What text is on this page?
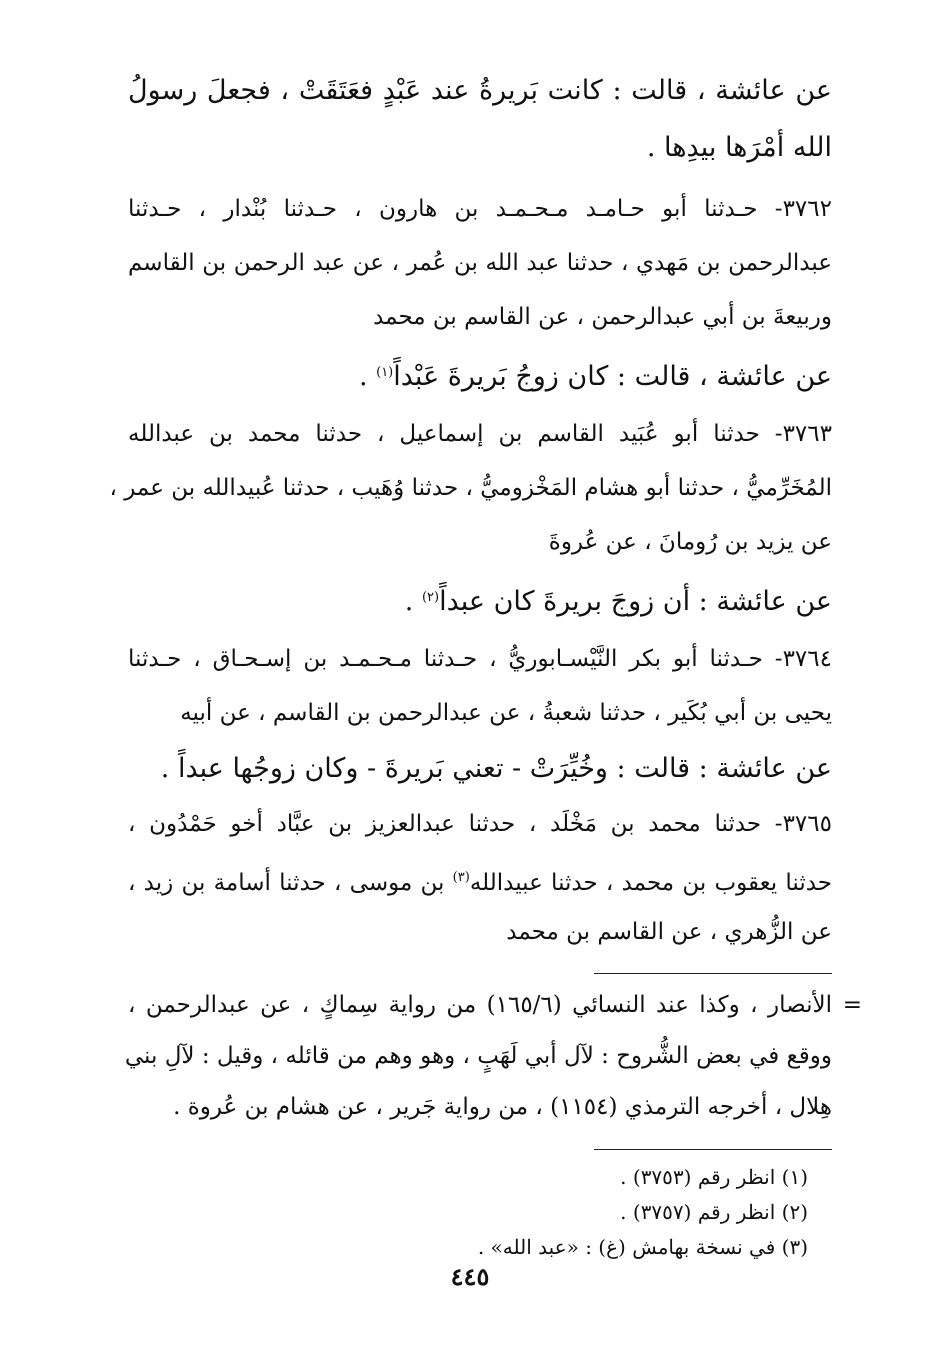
عن عائشة ، قالت : كانت بَريرةُ عند عَبْدٍ فعَتَقَتْ ، فجعلَ رسولُ
الله أمْرَها بيدِها .
٣٧٦٢- حـدثنا أبو حـامـد مـحـمـد بن هارون ، حـدثنا بُنْدار ، حـدثنا
عبدالرحمن بن مَهدي ، حدثنا عبد الله بن عُمر ، عن عبد الرحمن بن القاسم
وربيعةَ بن أبي عبدالرحمن ، عن القاسم بن محمد
عن عائشة ، قالت : كان زوجُ بَريرةَ عَبْداً$^{(١)}$ .
٣٧٦٣- حدثنا أبو عُبَيد القاسم بن إسماعيل ، حدثنا محمد بن عبدالله
المُخَرِّميُّ ، حدثنا أبو هشام المَخْزوميُّ ، حدثنا وُهَيب ، حدثنا عُبيدالله بن عمر ،
عن يزيد بن رُومانَ ، عن عُروةَ
عن عائشة : أن زوجَ بريرةَ كان عبداً$^{(٢)}$ .
٣٧٦٤- حـدثنا أبو بكر النَّيْسـابوريُّ ، حـدثنا مـحـمـد بن إسـحـاق ، حـدثنا
يحيى بن أبي بُكَير ، حدثنا شعبةُ ، عن عبدالرحمن بن القاسم ، عن أبيه
عن عائشة : قالت : وخُيِّرَتْ - تعني بَريرةَ - وكان زوجُها عبداً .
٣٧٦٥- حدثنا محمد بن مَخْلَد ، حدثنا عبدالعزيز بن عبَّاد أخو حَمْدُون ،
حدثنا يعقوب بن محمد ، حدثنا عبيدالله$^{(٣)}$ بن موسى ، حدثنا أسامة بن زيد ،
عن الزُّهري ، عن القاسم بن محمد
=
الأنصار ، وكذا عند النسائي (١٦٥/٦) من رواية سِماكٍ ، عن عبدالرحمن ،
ووقع في بعض الشُّروح : لآل أبي لَهَبٍ ، وهو وهم من قائله ، وقيل : لآلِ بني
هِلال ، أخرجه الترمذي (١١٥٤) ، من رواية جَرير ، عن هشام بن عُروة .
(١) انظر رقم (٣٧٥٣) .
(٢) انظر رقم (٣٧٥٧) .
(٣) في نسخة بهامش (غ) : «عبد الله» .
٤٤٥
